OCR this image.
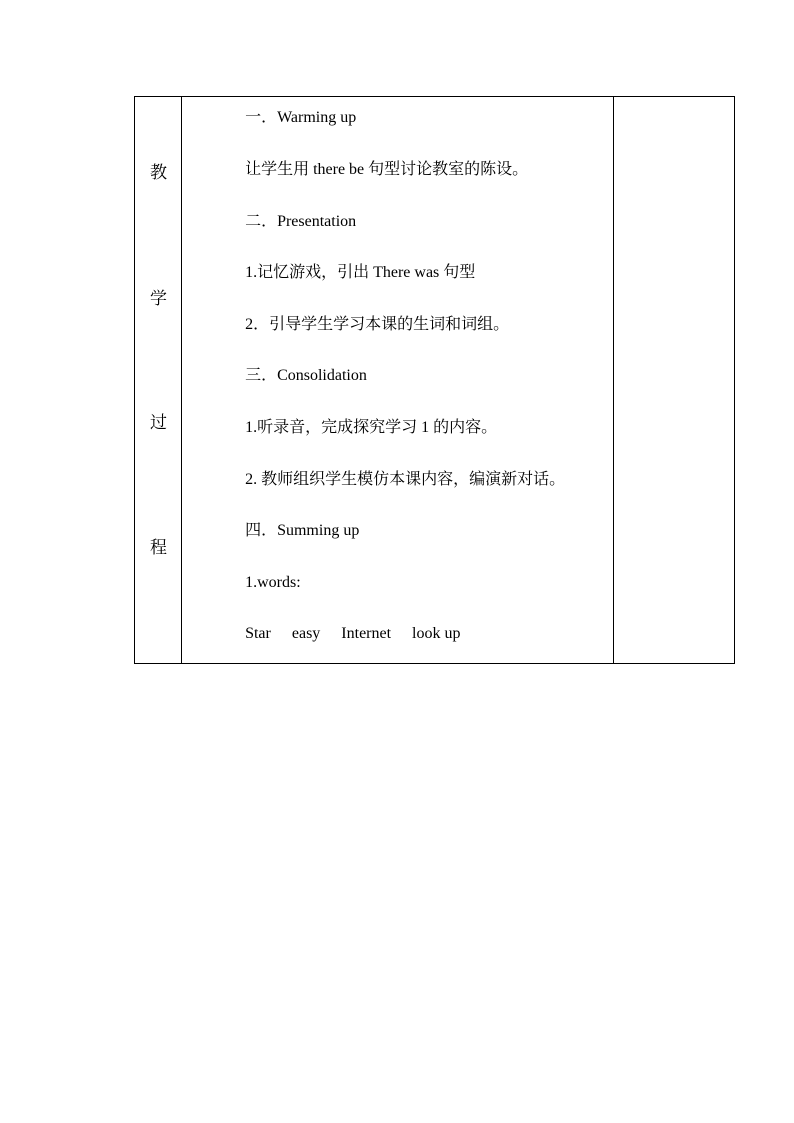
教
学
过
程

一．Warming up
让学生用 there be 句型讨论教室的陈设。
二．Presentation
1.记忆游戏，引出 There was 句型
2．引导学生学习本课的生词和词组。
三．Consolidation
1.听录音，完成探究学习 1 的内容。
2. 教师组织学生模仿本课内容，编演新对话。
四．Summing up
1.words:
Star easy Internet look up
